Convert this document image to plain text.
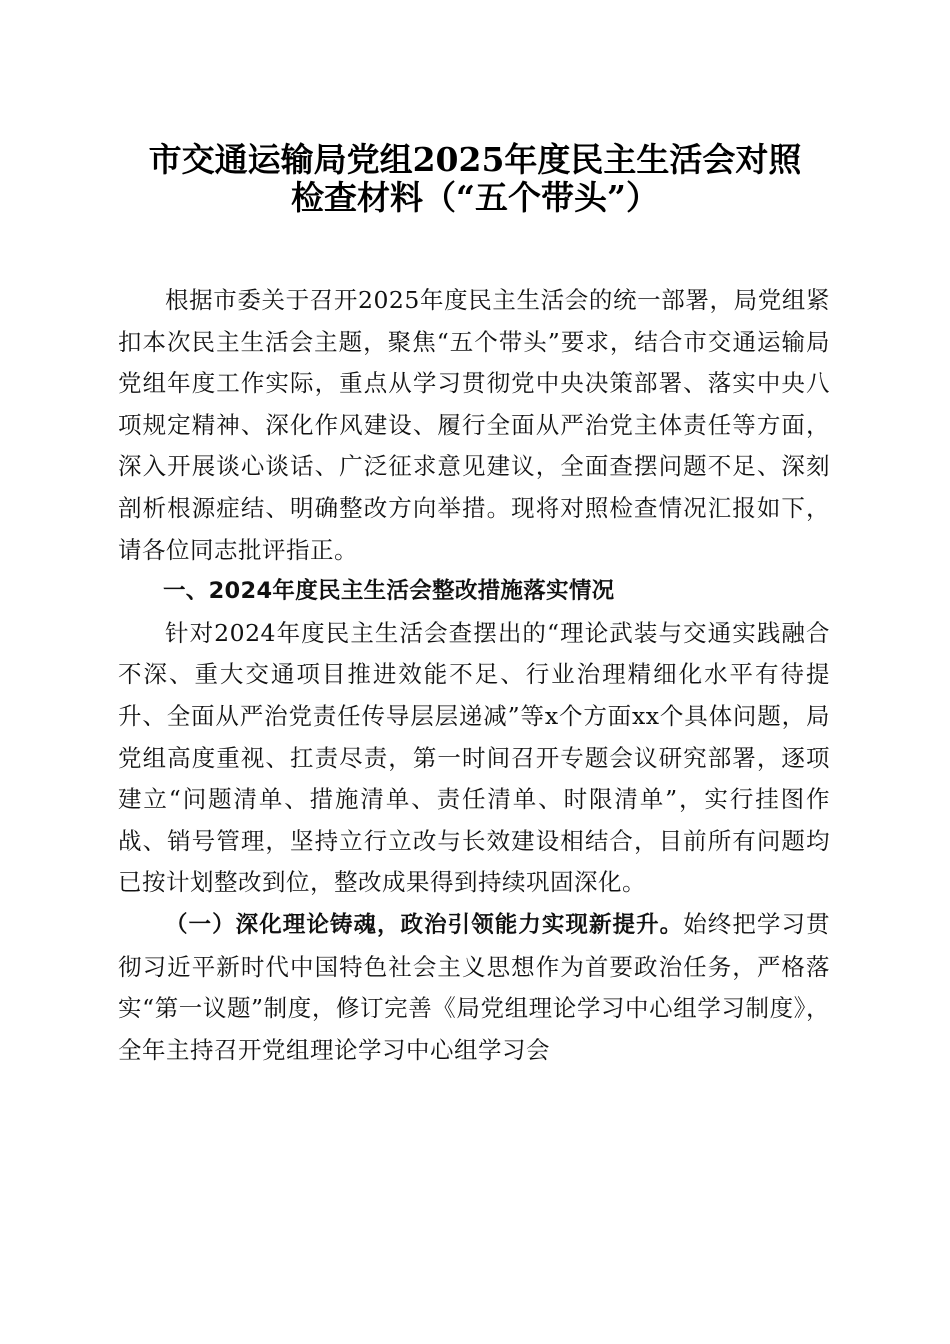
市交通运输局党组2025年度民主生活会对照
检查材料（“五个带头”）

根据市委关于召开2025年度民主生活会的统一部署，局党组紧扣本次民主生活会主题，聚焦“五个带头”要求，结合市交通运输局党组年度工作实际，重点从学习贯彻党中央决策部署、落实中央八项规定精神、深化作风建设、履行全面从严治党主体责任等方面，深入开展谈心谈话、广泛征求意见建议，全面查摆问题不足、深刻剖析根源症结、明确整改方向举措。现将对照检查情况汇报如下，请各位同志批评指正。

一、2024年度民主生活会整改措施落实情况

针对2024年度民主生活会查摆出的“理论武装与交通实践融合不深、重大交通项目推进效能不足、行业治理精细化水平有待提升、全面从严治党责任传导层层递减”等x个方面xx个具体问题，局党组高度重视、扛责尽责，第一时间召开专题会议研究部署，逐项建立“问题清单、措施清单、责任清单、时限清单”，实行挂图作战、销号管理，坚持立行立改与长效建设相结合，目前所有问题均已按计划整改到位，整改成果得到持续巩固深化。

（一）深化理论铸魂，政治引领能力实现新提升。始终把学习贯彻习近平新时代中国特色社会主义思想作为首要政治任务，严格落实“第一议题”制度，修订完善《局党组理论学习中心组学习制度》，全年主持召开党组理论学习中心组学习会
